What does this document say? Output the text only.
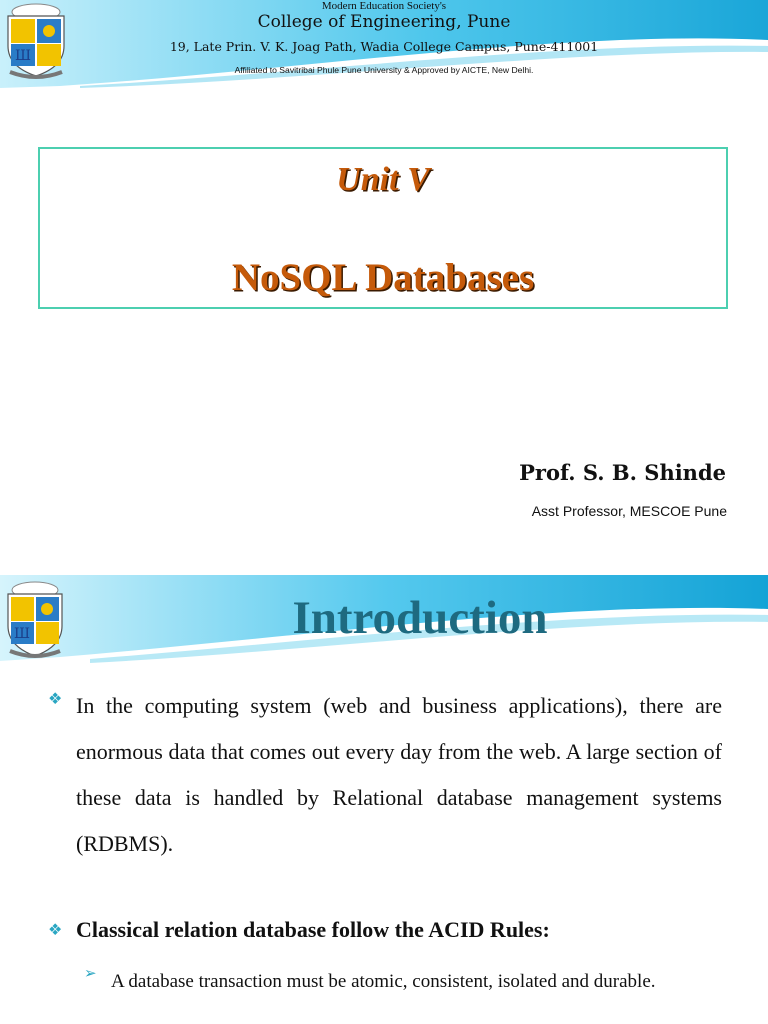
Ш
Modern Education Society's
College of Engineering, Pune
19, Late Prin. V. K. Joag Path, Wadia College Campus, Pune-411001
Affiliated to Savitribai Phule Pune University & Approved by AICTE, New Delhi.
Unit V
NoSQL Databases
Prof. S. B. Shinde
Asst Professor, MESCOE Pune
Ш	Introduction
❖ In the computing system (web and business applications), there are enormous data that comes out every day from the web. A large section of these data is handled by Relational database management systems (RDBMS).
❖ Classical relation database follow the ACID Rules:
➢ A database transaction must be atomic, consistent, isolated and durable.
